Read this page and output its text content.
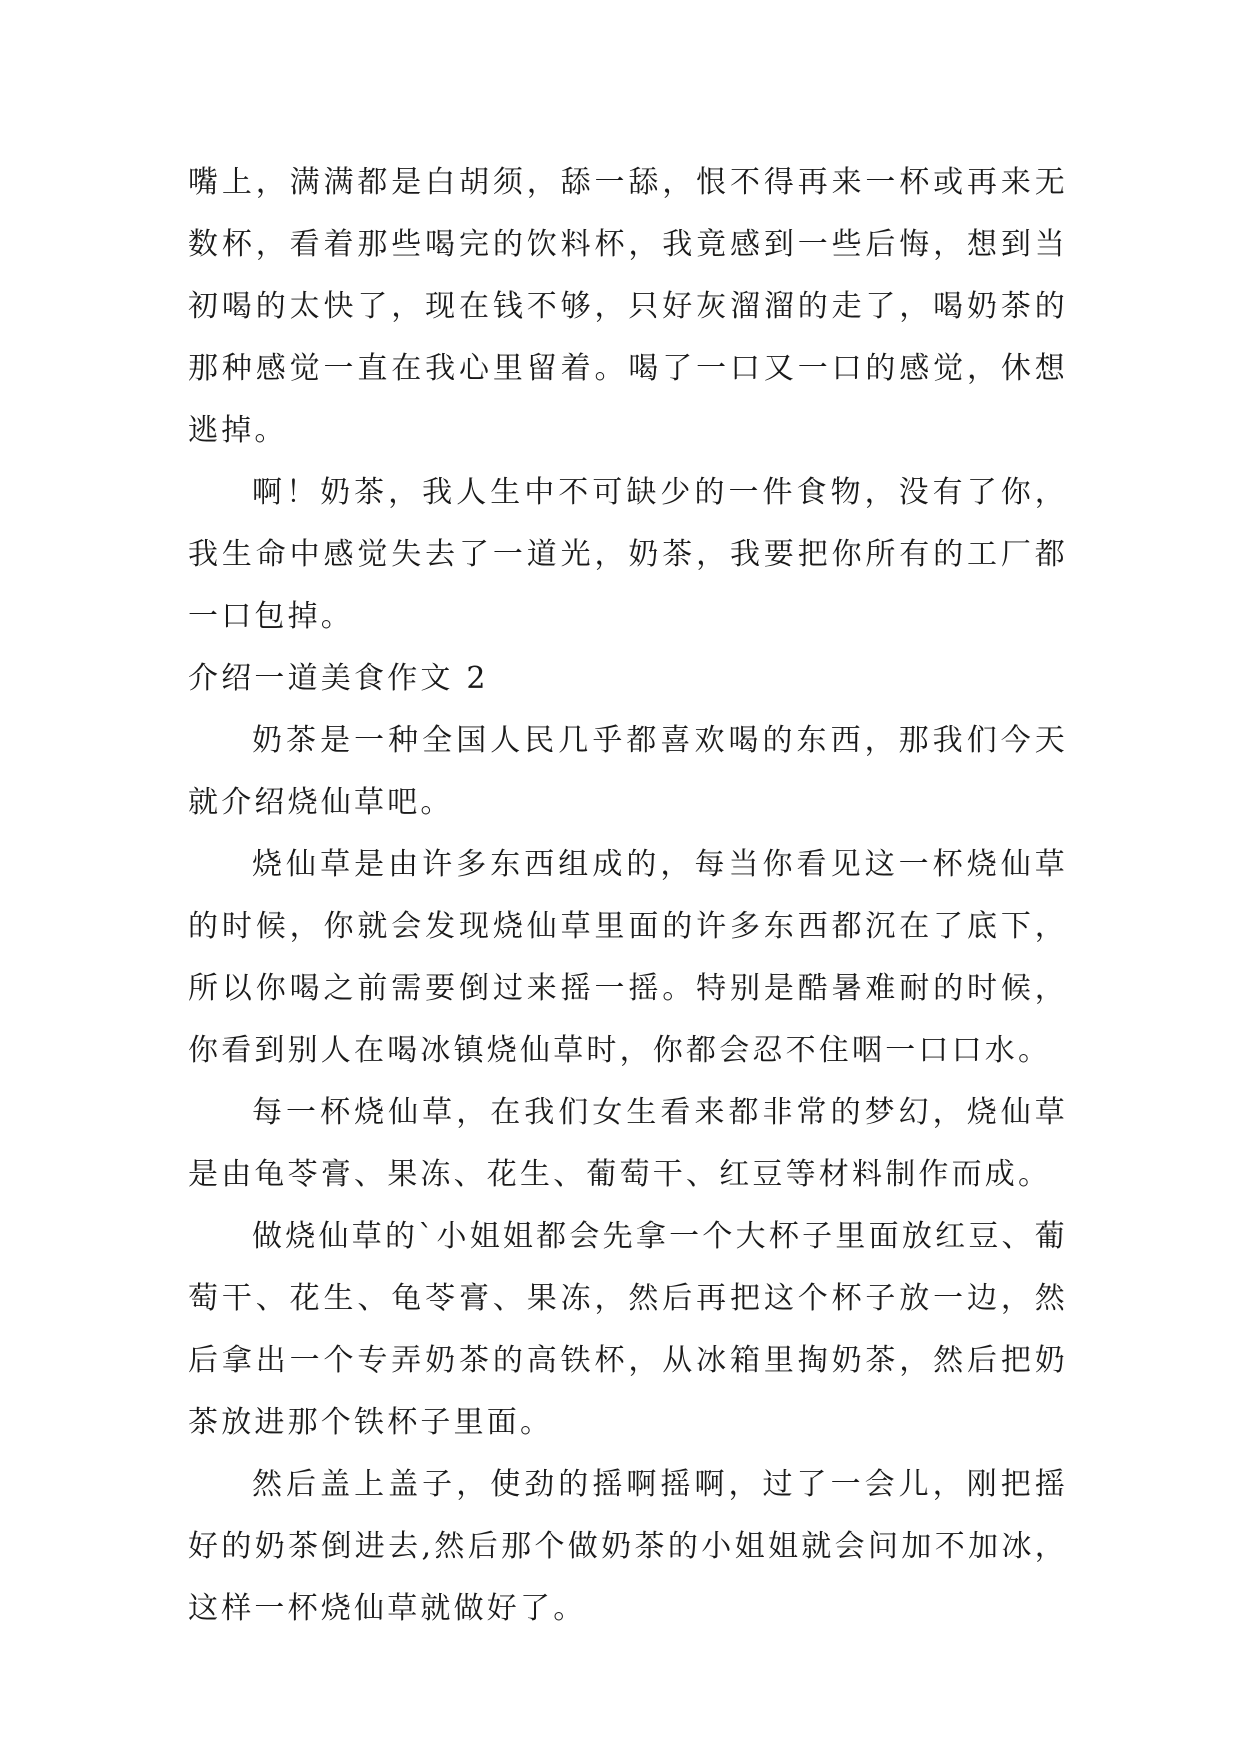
嘴上，满满都是白胡须，舔一舔，恨不得再来一杯或再来无数杯，看着那些喝完的饮料杯，我竟感到一些后悔，想到当初喝的太快了，现在钱不够，只好灰溜溜的走了，喝奶茶的那种感觉一直在我心里留着。喝了一口又一口的感觉，休想逃掉。

啊！奶茶，我人生中不可缺少的一件食物，没有了你，我生命中感觉失去了一道光，奶茶，我要把你所有的工厂都一口包掉。

介绍一道美食作文 2

奶茶是一种全国人民几乎都喜欢喝的东西，那我们今天就介绍烧仙草吧。

烧仙草是由许多东西组成的，每当你看见这一杯烧仙草的时候，你就会发现烧仙草里面的许多东西都沉在了底下，所以你喝之前需要倒过来摇一摇。特别是酷暑难耐的时候，你看到别人在喝冰镇烧仙草时，你都会忍不住咽一口口水。

每一杯烧仙草，在我们女生看来都非常的梦幻，烧仙草是由龟苓膏、果冻、花生、葡萄干、红豆等材料制作而成。

做烧仙草的`小姐姐都会先拿一个大杯子里面放红豆、葡萄干、花生、龟苓膏、果冻，然后再把这个杯子放一边，然后拿出一个专弄奶茶的高铁杯，从冰箱里掏奶茶，然后把奶茶放进那个铁杯子里面。

然后盖上盖子，使劲的摇啊摇啊，过了一会儿，刚把摇好的奶茶倒进去,然后那个做奶茶的小姐姐就会问加不加冰，这样一杯烧仙草就做好了。
